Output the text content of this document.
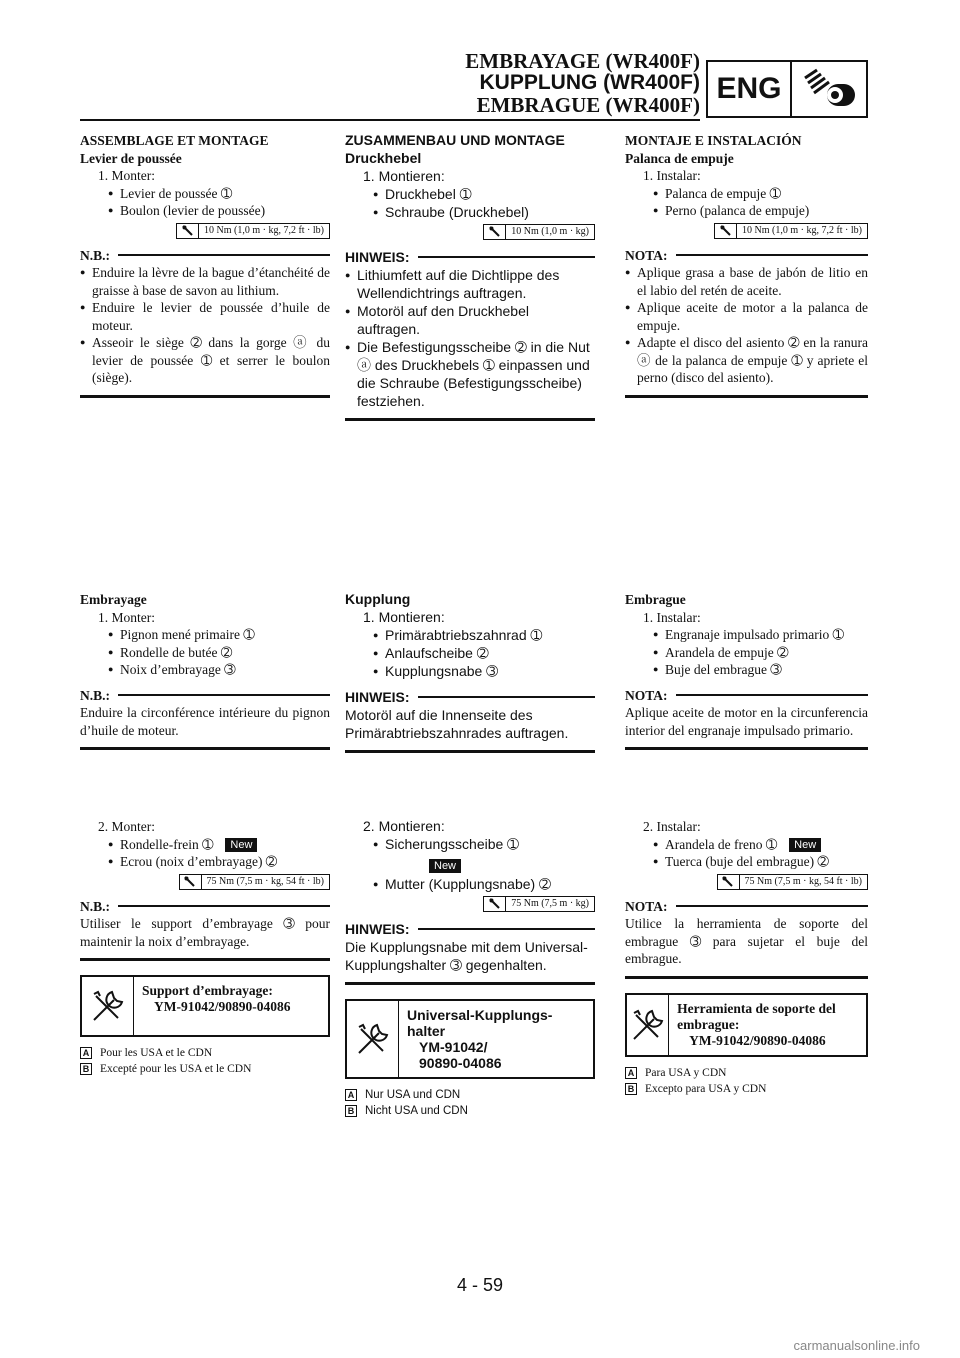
EMBRAYAGE (WR400F)
KUPPLUNG (WR400F)
EMBRAGUE (WR400F) ENG
ASSEMBLAGE ET MONTAGE
Levier de poussée
1. Monter:
● Levier de poussée ➀
● Boulon (levier de poussée)
10 Nm (1,0 m · kg, 7,2 ft · lb)
N.B.:
● Enduire la lèvre de la bague d’étanchéité de graisse à base de savon au lithium.
● Enduire le levier de poussée d’huile de moteur.
● Asseoir le siège ➁ dans la gorge ⓐ du levier de poussée ➀ et serrer le boulon (siège).
Embrayage
1. Monter:
● Pignon mené primaire ➀
● Rondelle de butée ➁
● Noix d’embrayage ➂
N.B.:
Enduire la circonférence intérieure du pignon d’huile de moteur.
2. Monter:
● Rondelle-frein ➀ New
● Ecrou (noix d’embrayage) ➁
75 Nm (7,5 m · kg, 54 ft · lb)
N.B.:
Utiliser le support d’embrayage ➂ pour maintenir la noix d’embrayage.
Support d’embrayage:
YM-91042/90890-04086
A Pour les USA et le CDN
B Excepté pour les USA et le CDN
ZUSAMMENBAU UND MONTAGE
Druckhebel
1. Montieren:
● Druckhebel ➀
● Schraube (Druckhebel)
10 Nm (1,0 m · kg)
HINWEIS:
● Lithiumfett auf die Dichtlippe des Wellendichtrings auftragen.
● Motoröl auf den Druckhebel auftragen.
● Die Befestigungsscheibe ➁ in die Nut ⓐ des Druckhebels ➀ einpassen und die Schraube (Befestigungsscheibe) festziehen.
Kupplung
1. Montieren:
● Primärabtriebszahnrad ➀
● Anlaufscheibe ➁
● Kupplungsnabe ➂
HINWEIS:
Motoröl auf die Innenseite des Primärabtriebszahnrades auftragen.
2. Montieren:
● Sicherungsscheibe ➀
New
● Mutter (Kupplungsnabe) ➁
75 Nm (7,5 m · kg)
HINWEIS:
Die Kupplungsnabe mit dem Universal-Kupplungshalter ➂ gegenhalten.
Universal-Kupplungs-halter
YM-91042/
90890-04086
A Nur USA und CDN
B Nicht USA und CDN
MONTAJE E INSTALACIÓN
Palanca de empuje
1. Instalar:
● Palanca de empuje ➀
● Perno (palanca de empuje)
10 Nm (1,0 m · kg, 7,2 ft · lb)
NOTA:
● Aplique grasa a base de jabón de litio en el labio del retén de aceite.
● Aplique aceite de motor a la palanca de empuje.
● Adapte el disco del asiento ➁ en la ranura ⓐ de la palanca de empuje ➀ y apriete el perno (disco del asiento).
Embrague
1. Instalar:
● Engranaje impulsado primario ➀
● Arandela de empuje ➁
● Buje del embrague ➂
NOTA:
Aplique aceite de motor en la circunferencia interior del engranaje impulsado primario.
2. Instalar:
● Arandela de freno ➀ New
● Tuerca (buje del embrague) ➁
75 Nm (7,5 m · kg, 54 ft · lb)
NOTA:
Utilice la herramienta de soporte del embrague ➂ para sujetar el buje del embrague.
Herramienta de soporte del embrague:
YM-91042/90890-04086
A Para USA y CDN
B Excepto para USA y CDN
4 - 59
carmanualsonline.info
